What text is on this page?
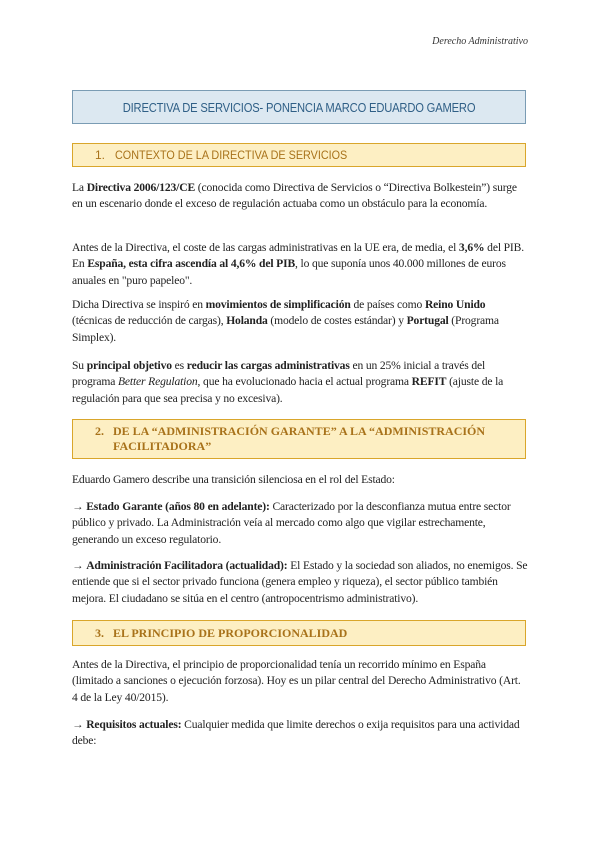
Derecho Administrativo
DIRECTIVA DE SERVICIOS- PONENCIA MARCO EDUARDO GAMERO
1. CONTEXTO DE LA DIRECTIVA DE SERVICIOS

La Directiva 2006/123/CE (conocida como Directiva de Servicios o “Directiva Bolkestein”) surge en un escenario donde el exceso de regulación actuaba como un obstáculo para la economía.

Antes de la Directiva, el coste de las cargas administrativas en la UE era, de media, el 3,6% del PIB. En España, esta cifra ascendía al 4,6% del PIB, lo que suponía unos 40.000 millones de euros anuales en "puro papeleo".

Dicha Directiva se inspiró en movimientos de simplificación de países como Reino Unido (técnicas de reducción de cargas), Holanda (modelo de costes estándar) y Portugal (Programa Simplex).

Su principal objetivo es reducir las cargas administrativas en un 25% inicial a través del programa Better Regulation, que ha evolucionado hacia el actual programa REFIT (ajuste de la regulación para que sea precisa y no excesiva).

2. DE LA “ADMINISTRACIÓN GARANTE” A LA “ADMINISTRACIÓN FACILITADORA”

Eduardo Gamero describe una transición silenciosa en el rol del Estado:

→ Estado Garante (años 80 en adelante): Caracterizado por la desconfianza mutua entre sector público y privado. La Administración veía al mercado como algo que vigilar estrechamente, generando un exceso regulatorio.

→ Administración Facilitadora (actualidad): El Estado y la sociedad son aliados, no enemigos. Se entiende que si el sector privado funciona (genera empleo y riqueza), el sector público también mejora. El ciudadano se sitúa en el centro (antropocentrismo administrativo).

3. EL PRINCIPIO DE PROPORCIONALIDAD

Antes de la Directiva, el principio de proporcionalidad tenía un recorrido mínimo en España (limitado a sanciones o ejecución forzosa). Hoy es un pilar central del Derecho Administrativo (Art. 4 de la Ley 40/2015).

→ Requisitos actuales: Cualquier medida que limite derechos o exija requisitos para una actividad debe:
